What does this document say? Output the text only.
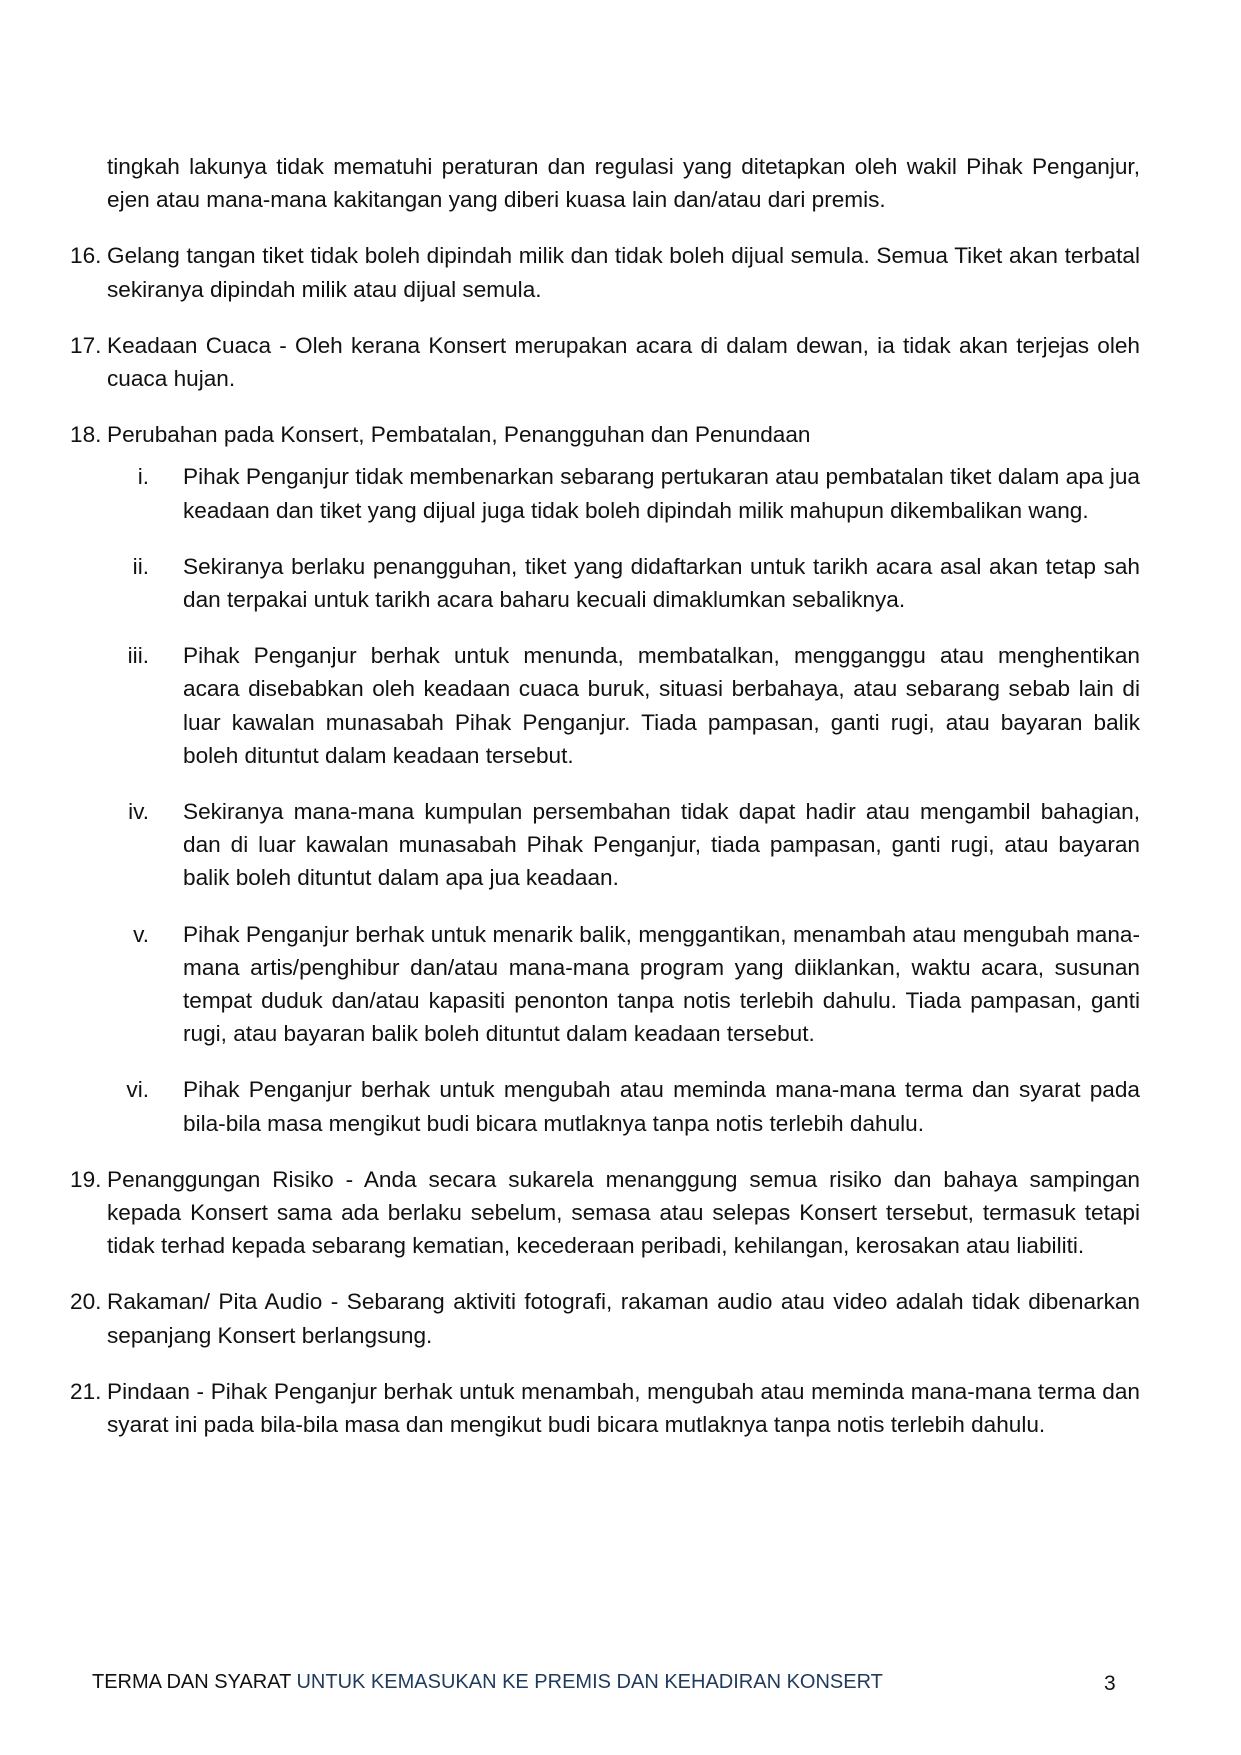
tingkah lakunya tidak mematuhi peraturan dan regulasi yang ditetapkan oleh wakil Pihak Penganjur, ejen atau mana-mana kakitangan yang diberi kuasa lain dan/atau dari premis.
16. Gelang tangan tiket tidak boleh dipindah milik dan tidak boleh dijual semula. Semua Tiket akan terbatal sekiranya dipindah milik atau dijual semula.
17. Keadaan Cuaca - Oleh kerana Konsert merupakan acara di dalam dewan, ia tidak akan terjejas oleh cuaca hujan.
18. Perubahan pada Konsert, Pembatalan, Penangguhan dan Penundaan
i.	Pihak Penganjur tidak membenarkan sebarang pertukaran atau pembatalan tiket dalam apa jua keadaan dan tiket yang dijual juga tidak boleh dipindah milik mahupun dikembalikan wang.
ii.	Sekiranya berlaku penangguhan, tiket yang didaftarkan untuk tarikh acara asal akan tetap sah dan terpakai untuk tarikh acara baharu kecuali dimaklumkan sebaliknya.
iii.	Pihak Penganjur berhak untuk menunda, membatalkan, mengganggu atau menghentikan acara disebabkan oleh keadaan cuaca buruk, situasi berbahaya, atau sebarang sebab lain di luar kawalan munasabah Pihak Penganjur. Tiada pampasan, ganti rugi, atau bayaran balik boleh dituntut dalam keadaan tersebut.
iv.	Sekiranya mana-mana kumpulan persembahan tidak dapat hadir atau mengambil bahagian, dan di luar kawalan munasabah Pihak Penganjur, tiada pampasan, ganti rugi, atau bayaran balik boleh dituntut dalam apa jua keadaan.
v.	Pihak Penganjur berhak untuk menarik balik, menggantikan, menambah atau mengubah mana-mana artis/penghibur dan/atau mana-mana program yang diiklankan, waktu acara, susunan tempat duduk dan/atau kapasiti penonton tanpa notis terlebih dahulu. Tiada pampasan, ganti rugi, atau bayaran balik boleh dituntut dalam keadaan tersebut.
vi.	Pihak Penganjur berhak untuk mengubah atau meminda mana-mana terma dan syarat pada bila-bila masa mengikut budi bicara mutlaknya tanpa notis terlebih dahulu.
19. Penanggungan Risiko - Anda secara sukarela menanggung semua risiko dan bahaya sampingan kepada Konsert sama ada berlaku sebelum, semasa atau selepas Konsert tersebut, termasuk tetapi tidak terhad kepada sebarang kematian, kecederaan peribadi, kehilangan, kerosakan atau liabiliti.
20. Rakaman/ Pita Audio - Sebarang aktiviti fotografi, rakaman audio atau video adalah tidak dibenarkan sepanjang Konsert berlangsung.
21. Pindaan - Pihak Penganjur berhak untuk menambah, mengubah atau meminda mana-mana terma dan syarat ini pada bila-bila masa dan mengikut budi bicara mutlaknya tanpa notis terlebih dahulu.
TERMA DAN SYARAT UNTUK KEMASUKAN KE PREMIS DAN KEHADIRAN KONSERT	3
